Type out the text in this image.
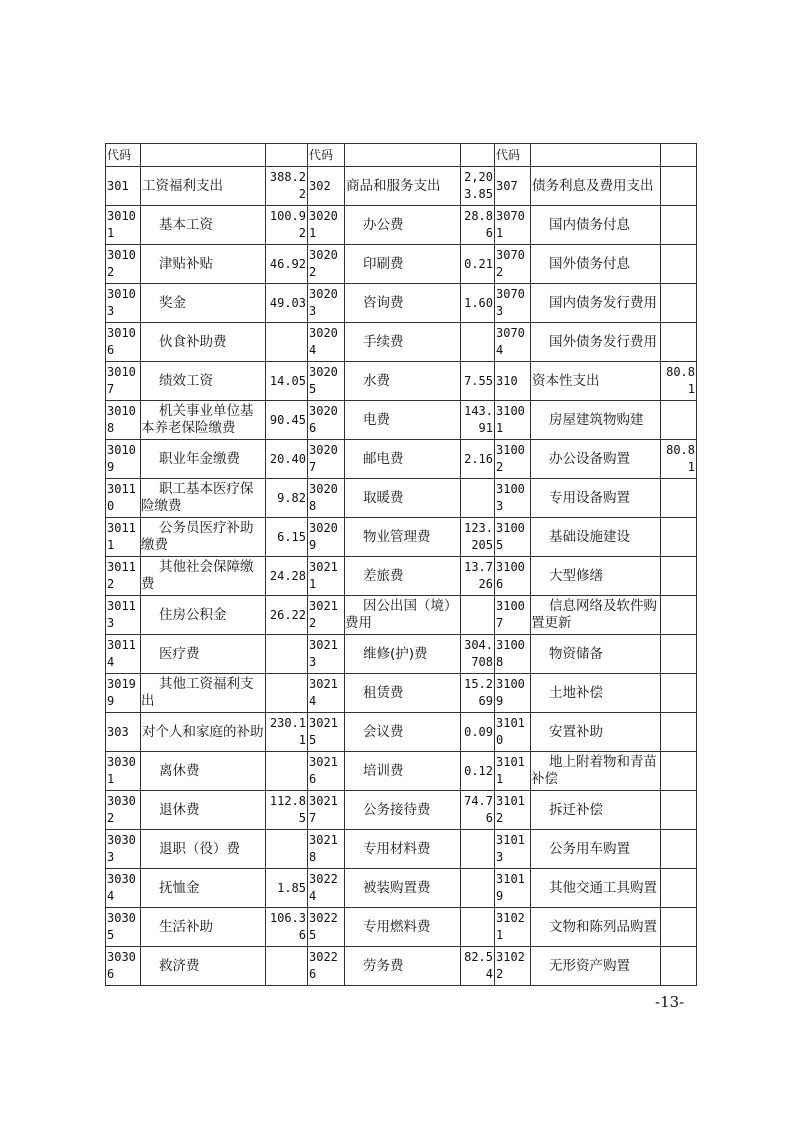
代码			代码			代码		
301	工资福利支出	388.22	302	商品和服务支出	2,203.85	307	债务利息及费用支出	
30101	基本工资	100.92	30201	办公费	28.86	30701	国内债务付息	

30102	津贴补贴	46.92	30202	印刷费	0.21	30702	国外债务付息	

30103	奖金	49.03	30203	咨询费	1.60	30703	国内债务发行费用	

30106	伙食补助费		30204	手续费		30704	国外债务发行费用	

30107	绩效工资	14.05	30205	水费	7.55	310	资本性支出	80.81
30108	机关事业单位基本养老保险缴费	90.45	30206	电费	143.91	31001	房屋建筑物购建	

30109	职业年金缴费	20.40	30207	邮电费	2.16	31002	办公设备购置	80.81
30110	职工基本医疗保险缴费	9.82	30208	取暖费		31003	专用设备购置	

30111	公务员医疗补助缴费	6.15	30209	物业管理费	123.205	31005	基础设施建设	

30112	其他社会保障缴费	24.28	30211	差旅费	13.726	31006	大型修缮	

30113	住房公积金	26.22	30212	因公出国（境）费用		31007	信息网络及软件购置更新	

30114	医疗费		30213	维修(护)费	304.708	31008	物资储备	

30199	其他工资福利支出		30214	租赁费	15.269	31009	土地补偿	

303	对个人和家庭的补助	230.11	30215	会议费	0.09	31010	安置补助	

30301	离休费		30216	培训费	0.12	31011	地上附着物和青苗补偿	

30302	退休费	112.85	30217	公务接待费	74.76	31012	拆迁补偿	

30303	退职（役）费		30218	专用材料费		31013	公务用车购置	

30304	抚恤金	1.85	30224	被装购置费		31019	其他交通工具购置	

30305	生活补助	106.36	30225	专用燃料费		31021	文物和陈列品购置	

30306	救济费		30226	劳务费	82.54	31022	无形资产购置	

-13-
